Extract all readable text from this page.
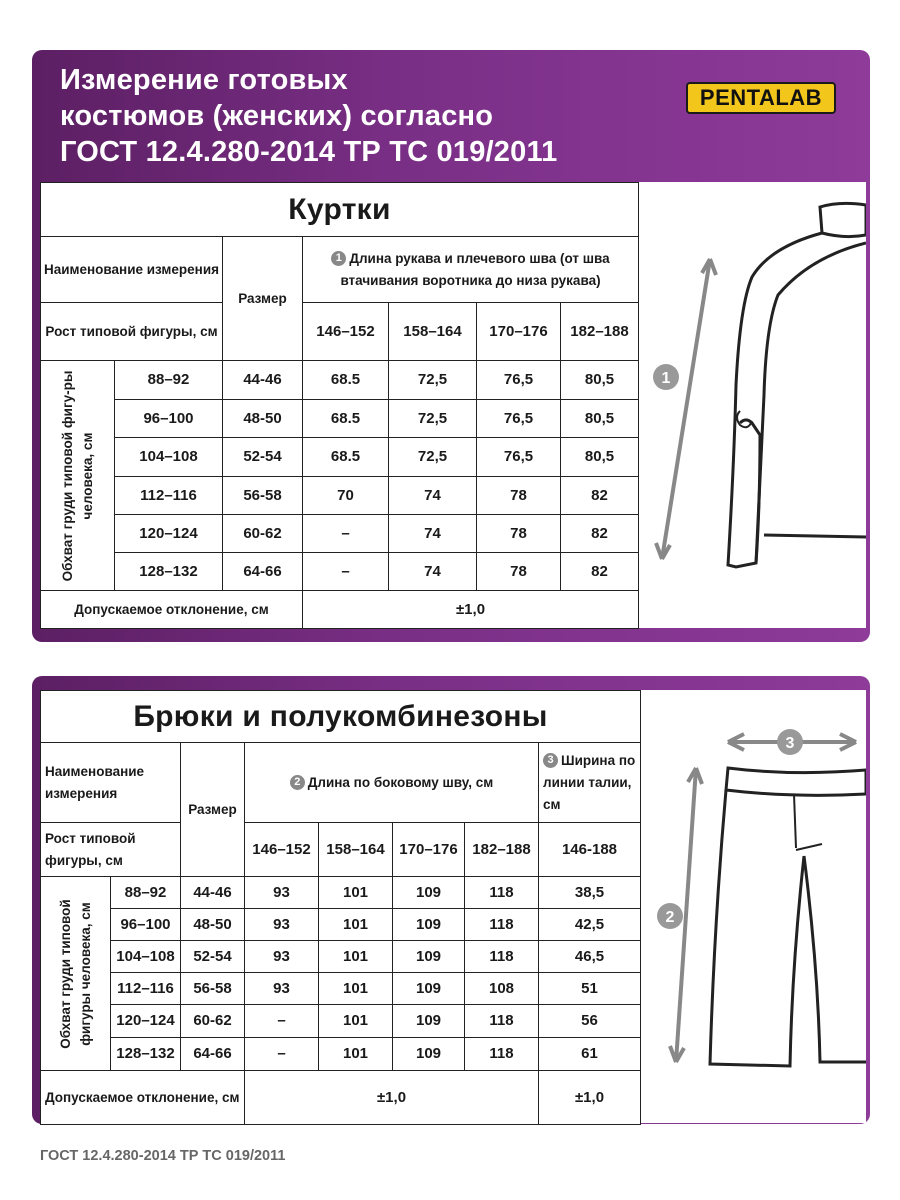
Измерение готовых
костюмов (женских) согласно
ГОСТ 12.4.280-2014 ТР ТС 019/2011
PENTALAB
Куртки						
Наименование измерения		Размер	1 Длина рукава и плечевого шва (от шва втачивания воротника до низа рукава)			
Рост типовой фигуры, см			146–152	158–164	170–176	182–188

Обхват груди типовой фигу-ры человека, см	88–92	44-46	68.5	72,5	76,5	80,5
	96–100	48-50	68.5	72,5	76,5	80,5
	104–108	52-54	68.5	72,5	76,5	80,5
	112–116	56-58	70	74	78	82
	120–124	60-62	–	74	78	82
	128–132	64-66	–	74	78	82
Допускаемое отклонение, см			±1,0			
1
Брюки и полукомбинезоны							
Наименование измерения		Размер	2 Длина по боковому шву, см				3 Ширина по линии талии, см
Рост типовой фигуры, см			146–152	158–164	170–176	182–188	146-188

Обхват груди типовой фигуры человека, см	88–92	44-46	93	101	109	118	38,5
	96–100	48-50	93	101	109	118	42,5
	104–108	52-54	93	101	109	118	46,5
	112–116	56-58	93	101	109	108	51
	120–124	60-62	–	101	109	118	56
	128–132	64-66	–	101	109	118	61
Допускаемое отклонение, см			±1,0				±1,0
3
2
ГОСТ 12.4.280-2014 ТР ТС 019/2011
